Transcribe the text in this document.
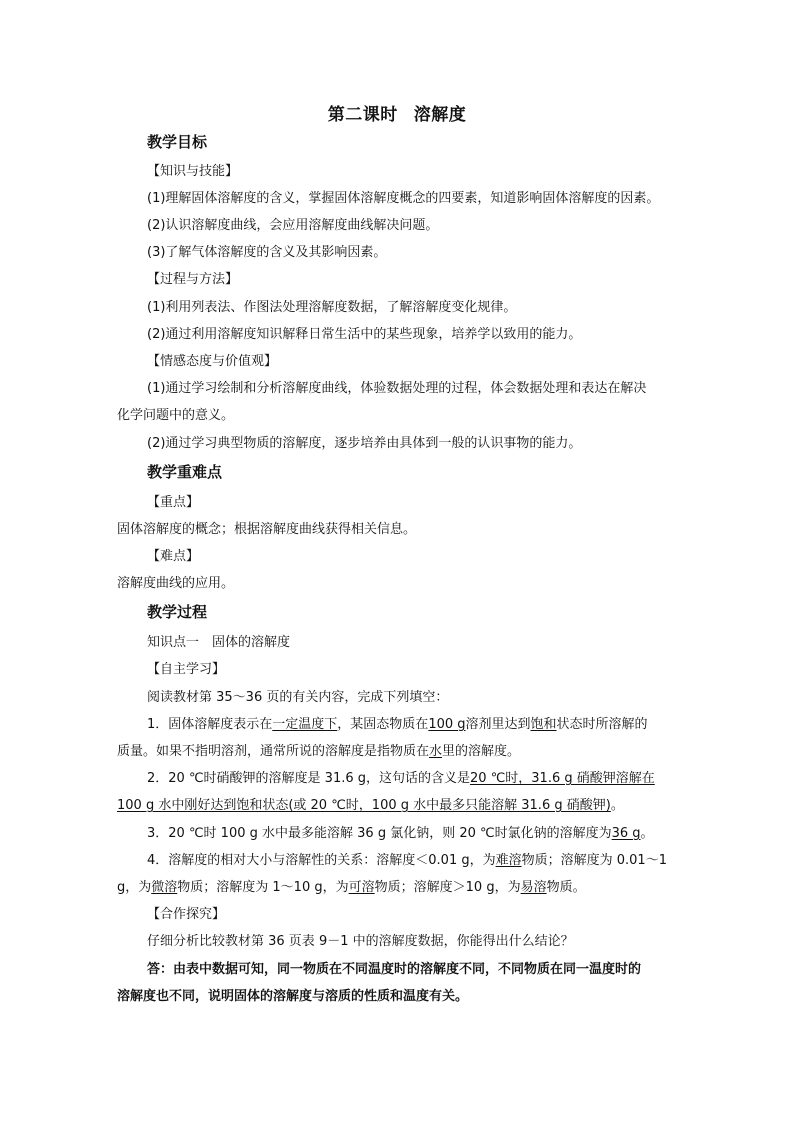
第二课时 溶解度
教学目标
【知识与技能】
(1)理解固体溶解度的含义，掌握固体溶解度概念的四要素，知道影响固体溶解度的因素。
(2)认识溶解度曲线，会应用溶解度曲线解决问题。
(3)了解气体溶解度的含义及其影响因素。
【过程与方法】
(1)利用列表法、作图法处理溶解度数据，了解溶解度变化规律。
(2)通过利用溶解度知识解释日常生活中的某些现象，培养学以致用的能力。
【情感态度与价值观】
(1)通过学习绘制和分析溶解度曲线，体验数据处理的过程，体会数据处理和表达在解决
化学问题中的意义。
(2)通过学习典型物质的溶解度，逐步培养由具体到一般的认识事物的能力。
教学重难点
【重点】
固体溶解度的概念；根据溶解度曲线获得相关信息。
【难点】
溶解度曲线的应用。
教学过程
知识点一　固体的溶解度
【自主学习】
阅读教材第 35～36 页的有关内容，完成下列填空：
1．固体溶解度表示在一定温度下，某固态物质在100 g溶剂里达到饱和状态时所溶解的
质量。如果不指明溶剂，通常所说的溶解度是指物质在水里的溶解度。
2．20 ℃时硝酸钾的溶解度是 31.6 g，这句话的含义是20 ℃时，31.6 g 硝酸钾溶解在
100 g 水中刚好达到饱和状态(或 20 ℃时，100 g 水中最多只能溶解 31.6 g 硝酸钾)。
3．20 ℃时 100 g 水中最多能溶解 36 g 氯化钠，则 20 ℃时氯化钠的溶解度为36 g。
4．溶解度的相对大小与溶解性的关系：溶解度＜0.01 g，为难溶物质；溶解度为 0.01～1
g，为微溶物质；溶解度为 1～10 g，为可溶物质；溶解度＞10 g，为易溶物质。
【合作探究】
仔细分析比较教材第 36 页表 9－1 中的溶解度数据，你能得出什么结论？
答：由表中数据可知，同一物质在不同温度时的溶解度不同，不同物质在同一温度时的
溶解度也不同，说明固体的溶解度与溶质的性质和温度有关。
